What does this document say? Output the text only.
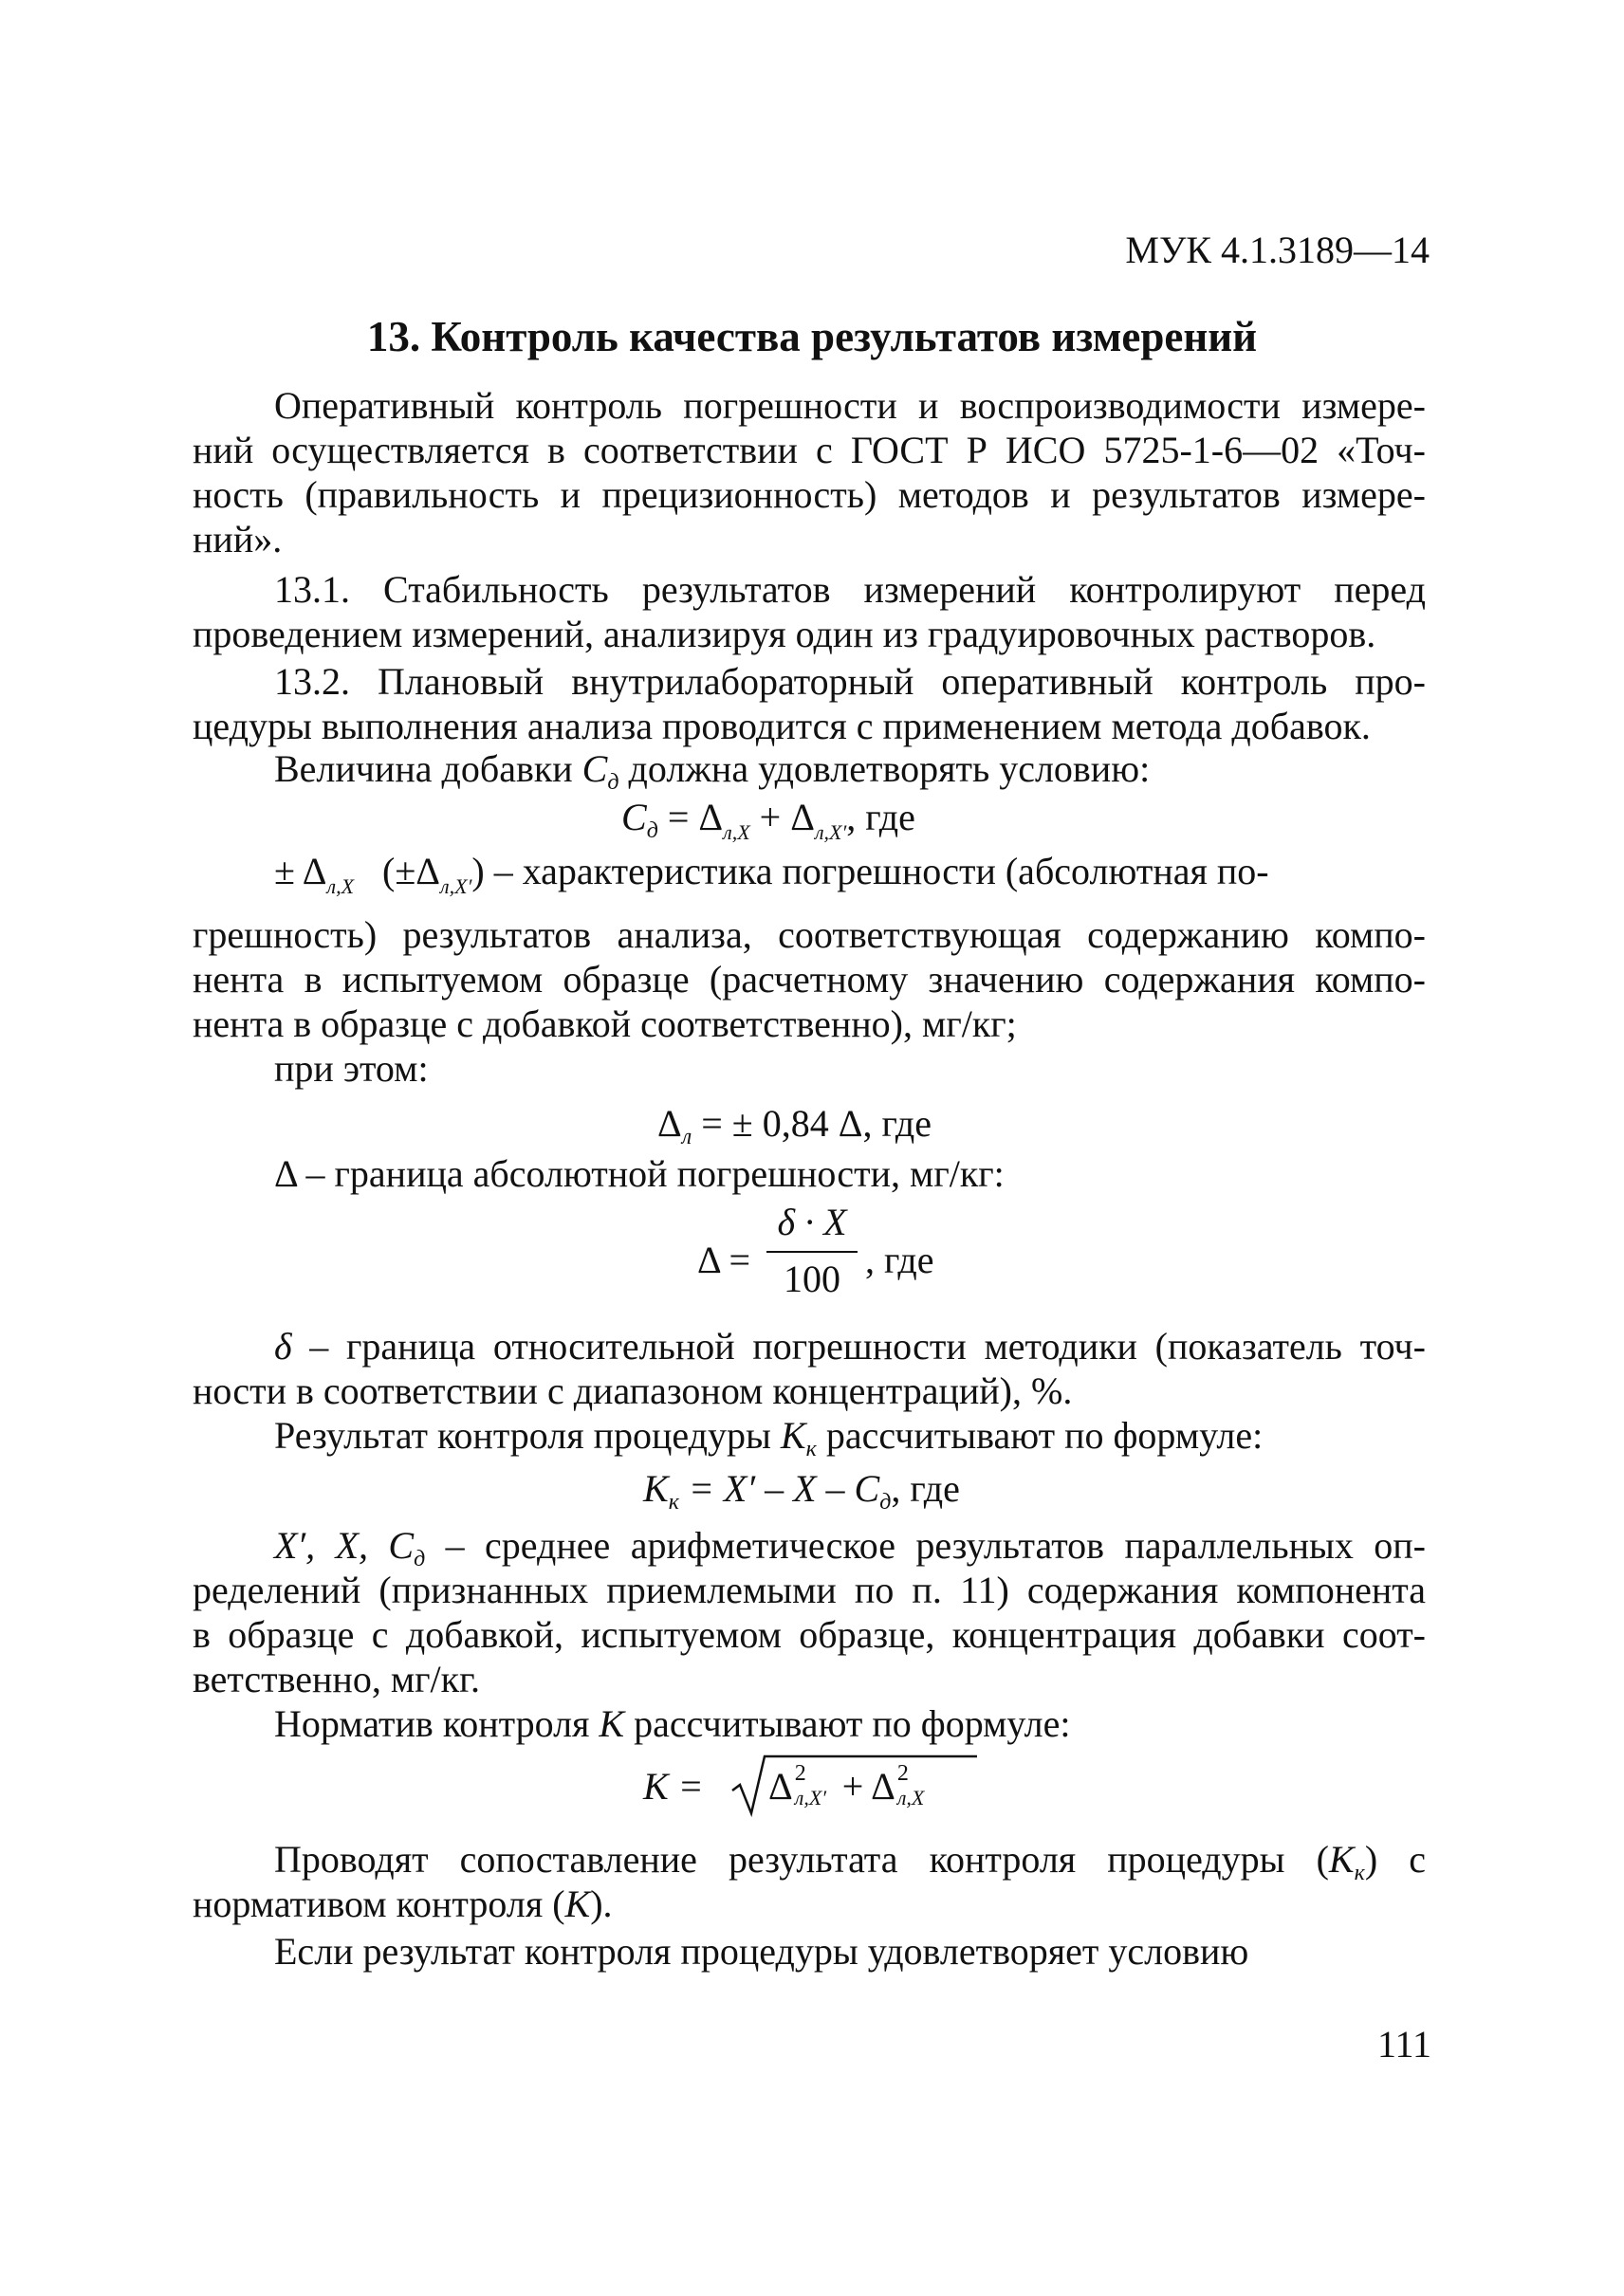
МУК 4.1.3189—14
13. Контроль качества результатов измерений
Оперативный контроль погрешности и воспроизводимости измере-
ний осуществляется в соответствии с ГОСТ Р ИСО 5725-1-6—02 «Точ-
ность (правильность и прецизионность) методов и результатов измере-
ний».
13.1. Стабильность результатов измерений контролируют перед
проведением измерений, анализируя один из градуировочных растворов.
13.2. Плановый внутрилабораторный оперативный контроль про-
цедуры выполнения анализа проводится с применением метода добавок.
Величина добавки $C_д$ должна удовлетворять условию:
$C_д = \Delta_{л,X} + \Delta_{л,X'}$, где
± $\Delta_{л,X}$ $(\pm\Delta_{л,X'})$ – характеристика погрешности (абсолютная по-
грешность) результатов анализа, соответствующая содержанию компо-
нента в испытуемом образце (расчетному значению содержания компо-
нента в образце с добавкой соответственно), мг/кг;
при этом:
$\Delta_л$ = ± 0,84 Δ, где
Δ – граница абсолютной погрешности, мг/кг:
Δ =
δ · X
100 , где
δ – граница относительной погрешности методики (показатель точ-
ности в соответствии с диапазоном концентраций), %.
Результат контроля процедуры $K_к$ рассчитывают по формуле:
$K_к = X' - X - C_д$, где
X′, X, $C_д$ – среднее арифметическое результатов параллельных оп-
ределений (признанных приемлемыми по п. 11) содержания компонента
в образце с добавкой, испытуемом образце, концентрация добавки соот-
ветственно, мг/кг.
Норматив контроля K рассчитывают по формуле:
K = Δ 2
л,X′ + Δ 2
л,X
Проводят сопоставление результата контроля процедуры $(K_к)$ с
нормативом контроля (K).
Если результат контроля процедуры удовлетворяет условию
111
